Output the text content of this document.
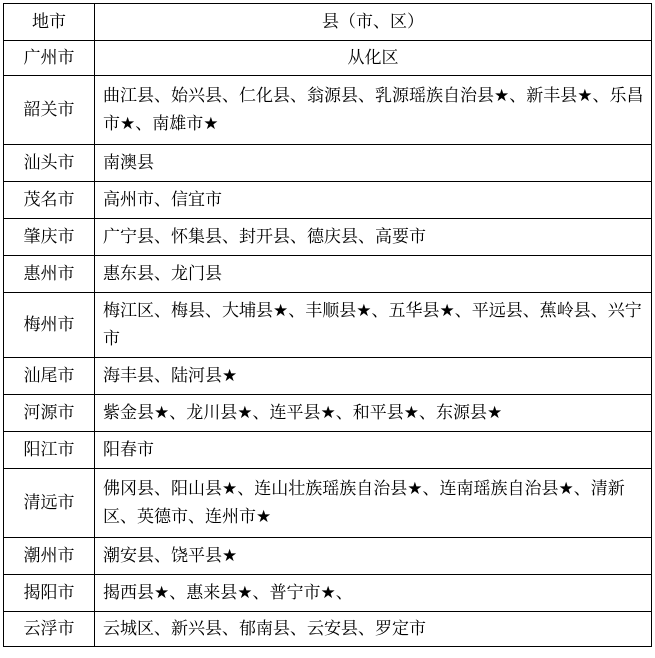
地市	县（市、区）
广州市	从化区
韶关市	曲江县、始兴县、仁化县、翁源县、乳源瑶族自治县★、新丰县★、乐昌市★、南雄市★
汕头市	南澳县
茂名市	高州市、信宜市
肇庆市	广宁县、怀集县、封开县、德庆县、高要市
惠州市	惠东县、龙门县
梅州市	梅江区、梅县、大埔县★、丰顺县★、五华县★、平远县、蕉岭县、兴宁市
汕尾市	海丰县、陆河县★
河源市	紫金县★、龙川县★、连平县★、和平县★、东源县★
阳江市	阳春市
清远市	佛冈县、阳山县★、连山壮族瑶族自治县★、连南瑶族自治县★、清新区、英德市、连州市★
潮州市	潮安县、饶平县★
揭阳市	揭西县★、惠来县★、普宁市★、
云浮市	云城区、新兴县、郁南县、云安县、罗定市
